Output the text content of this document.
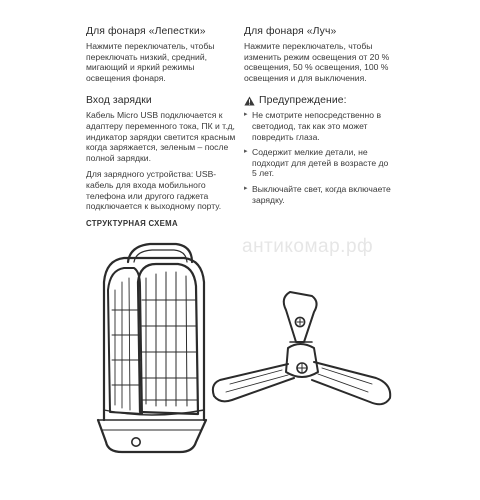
Для фонаря «Лепестки»

Нажмите переключатель, чтобы переключать низкий, средний, мигающий и яркий режимы освещения фонаря.

Вход зарядки

Кабель Micro USB подключается к адаптеру переменного тока, ПК и т.д, индикатор зарядки светится красным когда заряжается, зеленым – после полной зарядки.

Для зарядного устройства: USB-кабель для входа мобильного телефона или другого гаджета подключается к выходному порту.

Для фонаря «Луч»

Нажмите переключатель, чтобы изменить режим освещения от 20 % освещения, 50 % освещения, 100 % освещения и для выключения.

Предупреждение:
▸ Не смотрите непосредственно в светодиод, так как это может повредить глаза.
▸ Содержит мелкие детали, не подходит для детей в возрасте до 5 лет.
▸ Выключайте свет, когда включаете зарядку.
СТРУКТУРНАЯ СХЕМА
антикомар.рф
